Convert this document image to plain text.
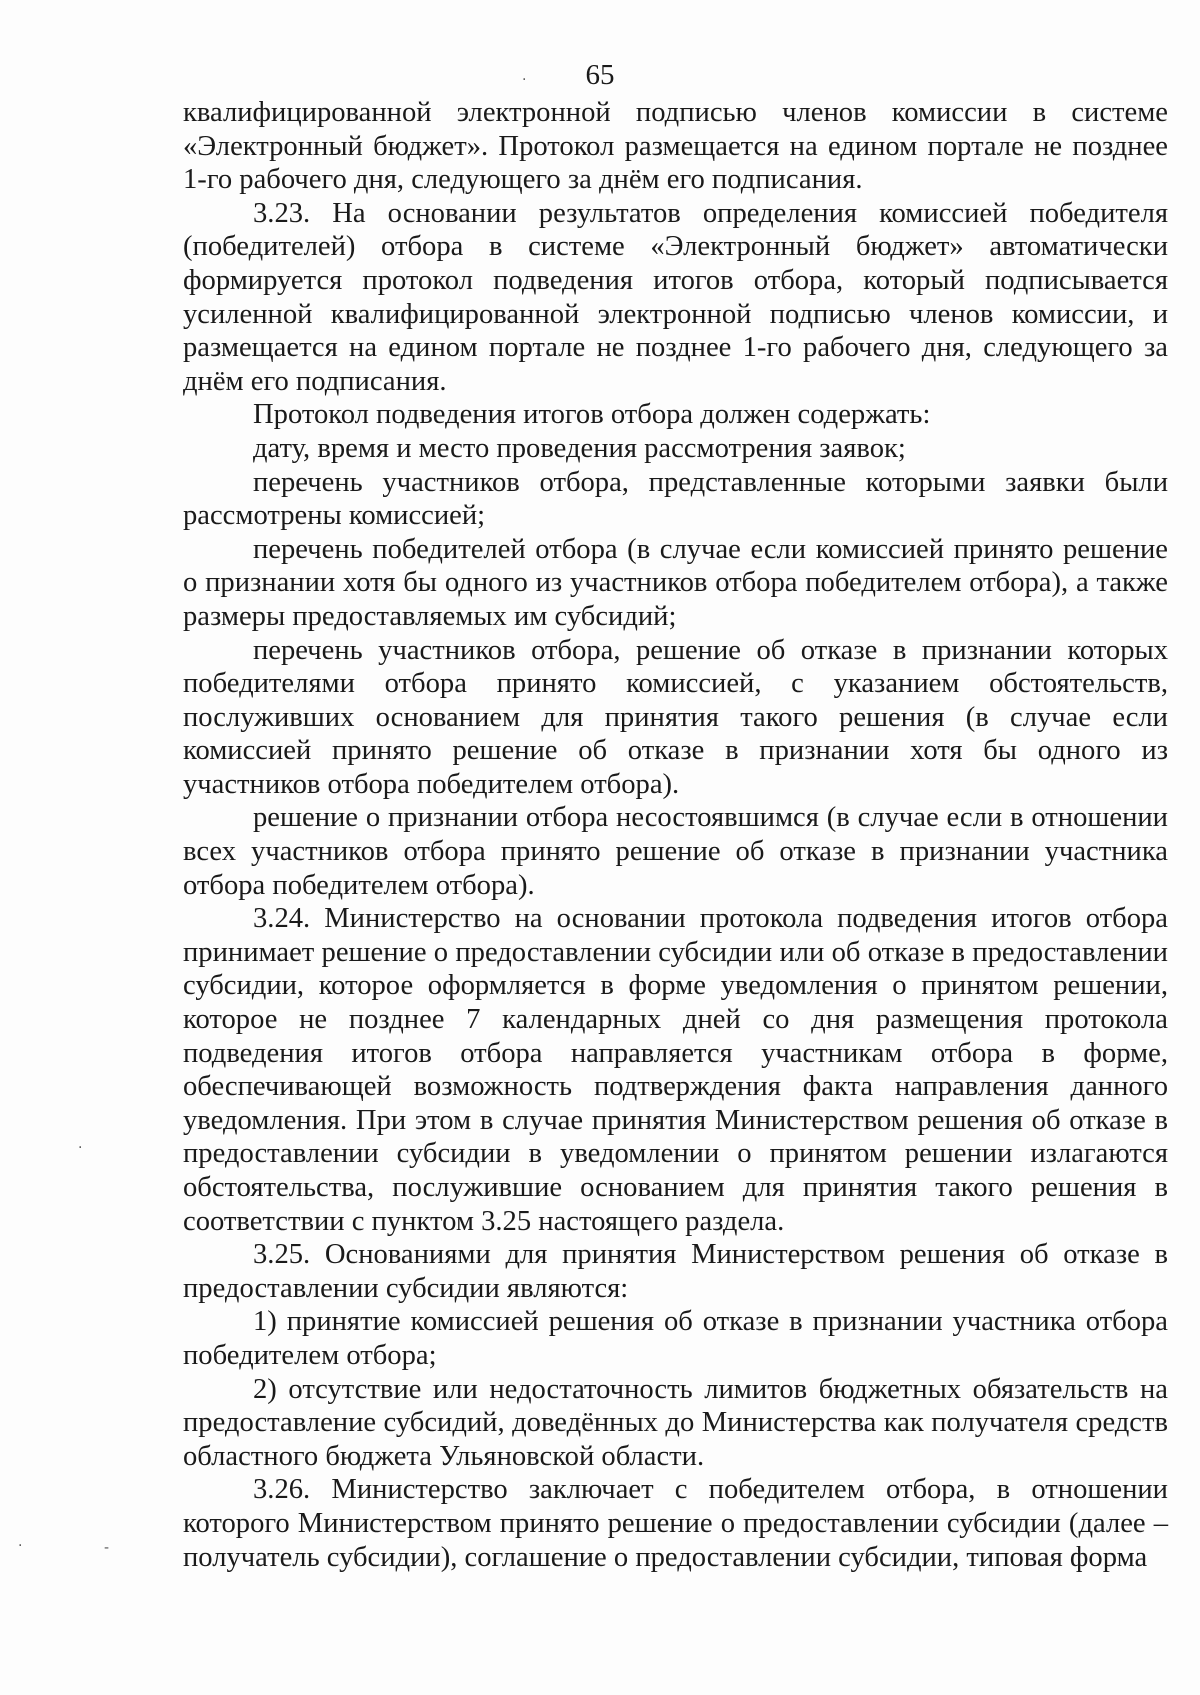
65

квалифицированной электронной подписью членов комиссии в системе «Электронный бюджет». Протокол размещается на едином портале не позднее 1-го рабочего дня, следующего за днём его подписания.

3.23. На основании результатов определения комиссией победителя (победителей) отбора в системе «Электронный бюджет» автоматически формируется протокол подведения итогов отбора, который подписывается усиленной квалифицированной электронной подписью членов комиссии, и размещается на едином портале не позднее 1-го рабочего дня, следующего за днём его подписания.

Протокол подведения итогов отбора должен содержать:

дату, время и место проведения рассмотрения заявок;

перечень участников отбора, представленные которыми заявки были рассмотрены комиссией;

перечень победителей отбора (в случае если комиссией принято решение о признании хотя бы одного из участников отбора победителем отбора), а также размеры предоставляемых им субсидий;

перечень участников отбора, решение об отказе в признании которых победителями отбора принято комиссией, с указанием обстоятельств, послуживших основанием для принятия такого решения (в случае если комиссией принято решение об отказе в признании хотя бы одного из участников отбора победителем отбора).

решение о признании отбора несостоявшимся (в случае если в отношении всех участников отбора принято решение об отказе в признании участника отбора победителем отбора).

3.24. Министерство на основании протокола подведения итогов отбора принимает решение о предоставлении субсидии или об отказе в предоставлении субсидии, которое оформляется в форме уведомления о принятом решении, которое не позднее 7 календарных дней со дня размещения протокола подведения итогов отбора направляется участникам отбора в форме, обеспечивающей возможность подтверждения факта направления данного уведомления. При этом в случае принятия Министерством решения об отказе в предоставлении субсидии в уведомлении о принятом решении излагаются обстоятельства, послужившие основанием для принятия такого решения в соответствии с пунктом 3.25 настоящего раздела.

3.25. Основаниями для принятия Министерством решения об отказе в предоставлении субсидии являются:

1) принятие комиссией решения об отказе в признании участника отбора победителем отбора;

2) отсутствие или недостаточность лимитов бюджетных обязательств на предоставление субсидий, доведённых до Министерства как получателя средств областного бюджета Ульяновской области.

3.26. Министерство заключает с победителем отбора, в отношении которого Министерством принято решение о предоставлении субсидии (далее – получатель субсидии), соглашение о предоставлении субсидии, типовая форма

·
·
·	-
